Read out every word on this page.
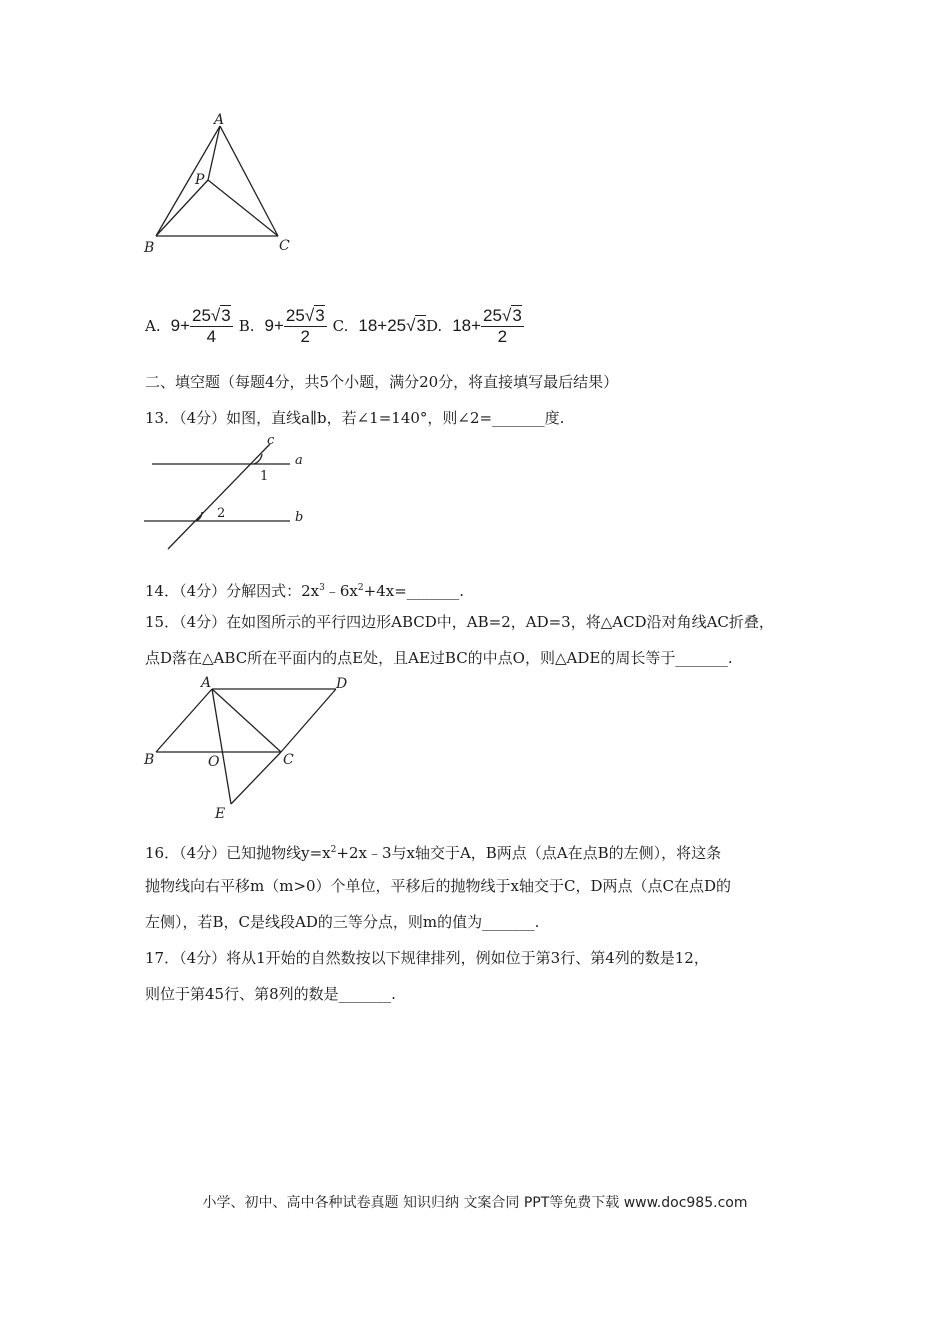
A
P
B	C
A. $9+ \frac{25√3}{4} B$. $9+ \frac{25√3}{2} C$. 18+25√3 D. $18+ \frac{25√3}{2}$
二、填空题（每题4分，共5个小题，满分20分，将直接填写最后结果）
13．（4分）如图，直线a∥b，若∠1=140°，则∠2=_______度.
c
a
b
1
2
14．（4分）分解因式：$2x^3﹣6x^2+4x=\_\_\_\_\_\_\_$.
15．（4分）在如图所示的平行四边形ABCD中，AB=2，AD=3，将△ACD沿对角线AC折叠，
点D落在△ABC所在平面内的点E处，且AE过BC的中点O，则△ADE的周长等于_______.
A	D
B	O	C
E
16．（4分）已知抛物线$y=x^2+2x﹣3$与x轴交于A，B两点（点A在点B的左侧），将这条
抛物线向右平移m（m>0）个单位，平移后的抛物线于x轴交于C，D两点（点C在点D的
左侧），若B，C是线段AD的三等分点，则m的值为_______.
17．（4分）将从1开始的自然数按以下规律排列，例如位于第3行、第4列的数是12，
则位于第45行、第8列的数是_______.
小学、初中、高中各种试卷真题 知识归纳 文案合同 PPT等免费下载 www.doc985.com
